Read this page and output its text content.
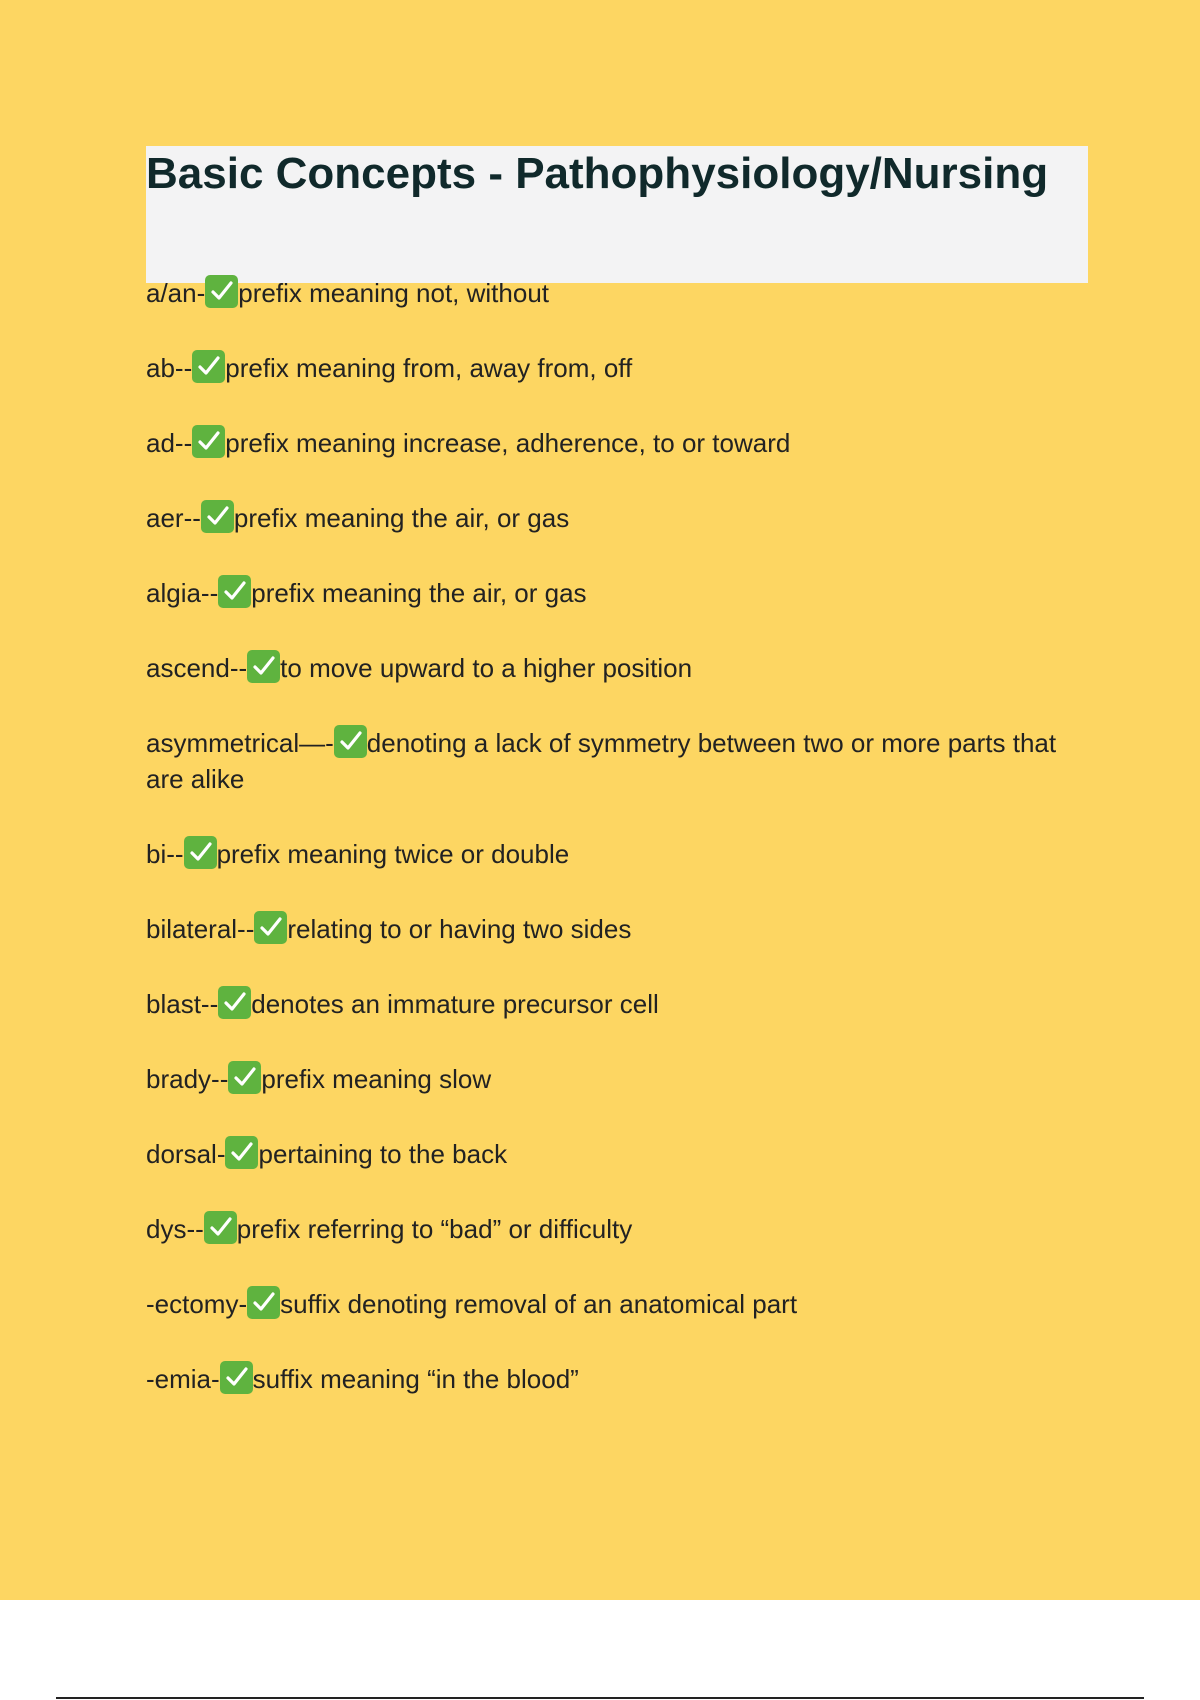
Basic Concepts - Pathophysiology/Nursing
a/an- prefix meaning not, without
ab-- prefix meaning from, away from, off
ad-- prefix meaning increase, adherence, to or toward
aer-- prefix meaning the air, or gas
algia-- prefix meaning the air, or gas
ascend-- to move upward to a higher position
asymmetrical—- denoting a lack of symmetry between two or more parts that are alike
bi-- prefix meaning twice or double
bilateral-- relating to or having two sides
blast-- denotes an immature precursor cell
brady-- prefix meaning slow
dorsal- pertaining to the back
dys-- prefix referring to “bad” or difficulty
-ectomy- suffix denoting removal of an anatomical part
-emia- suffix meaning “in the blood”
